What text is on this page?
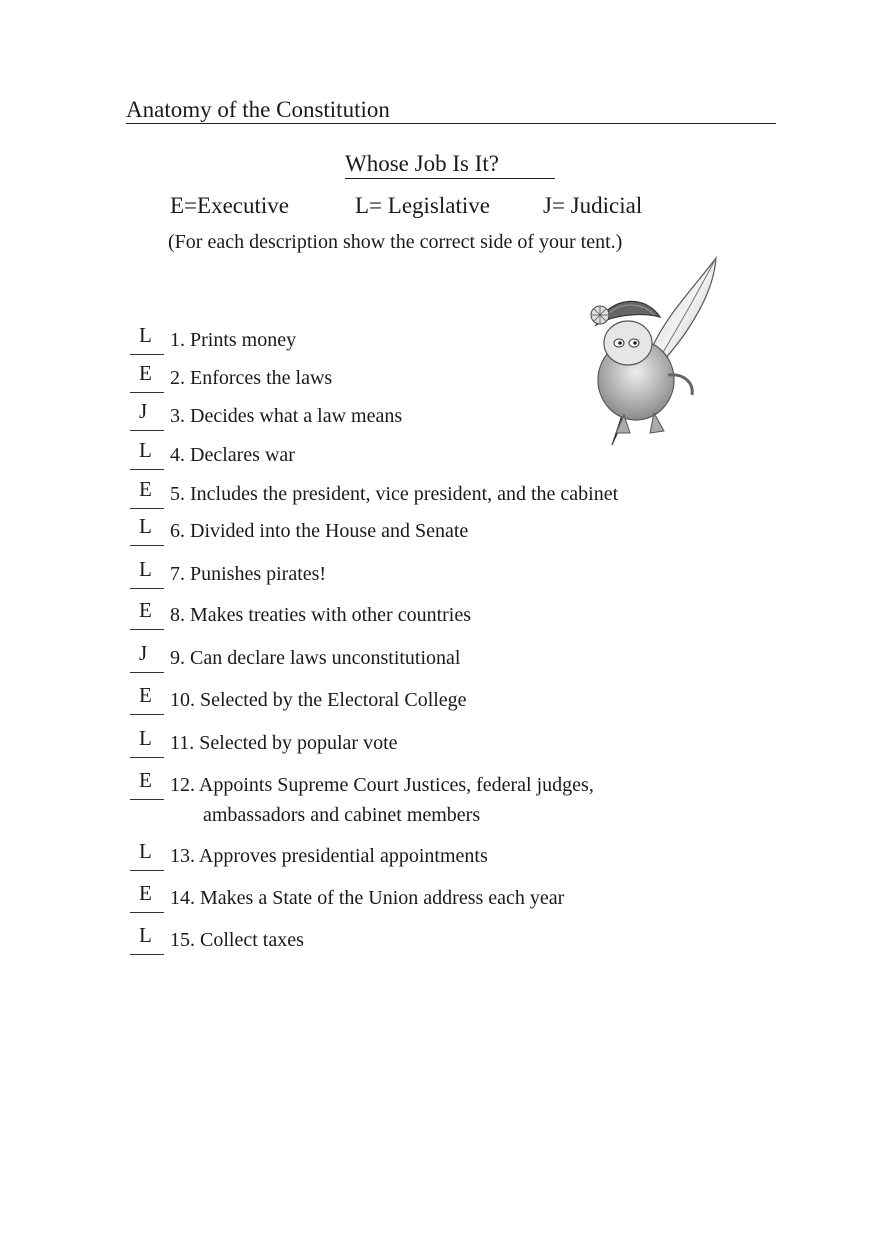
Anatomy of the Constitution
Whose Job Is It?
E=Executive	L= Legislative J= Judicial
(For each description show the correct side of your tent.)
L 1. Prints money
E 2. Enforces the laws
J 3. Decides what a law means
L 4. Declares war
E 5. Includes the president, vice president, and the cabinet
L 6. Divided into the House and Senate
L 7. Punishes pirates!
E 8. Makes treaties with other countries
J 9. Can declare laws unconstitutional
E 10. Selected by the Electoral College
L 11. Selected by popular vote
E 12. Appoints Supreme Court Justices, federal judges,
ambassadors and cabinet members
L 13. Approves presidential appointments
E 14. Makes a State of the Union address each year
L 15. Collect taxes
